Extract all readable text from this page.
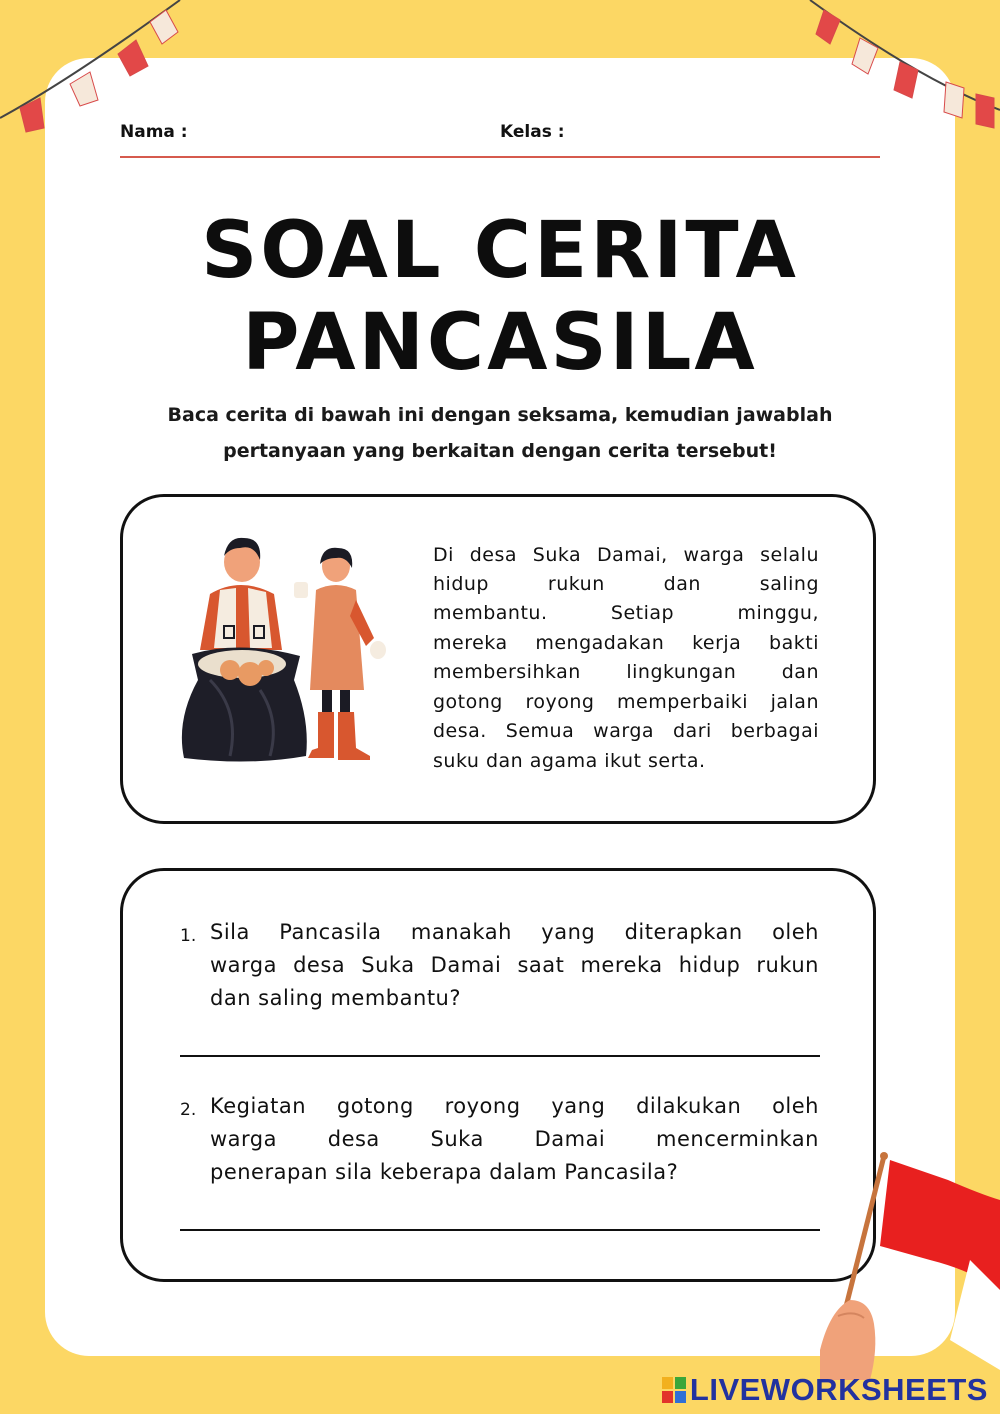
Nama :	Kelas :
SOAL CERITA
PANCASILA
Baca cerita di bawah ini dengan seksama, kemudian jawablah
pertanyaan yang berkaitan dengan cerita tersebut!
Di desa Suka Damai, warga selalu
hidup rukun dan saling
membantu. Setiap minggu,
mereka mengadakan kerja bakti
membersihkan lingkungan dan
gotong royong memperbaiki jalan
desa. Semua warga dari berbagai
suku dan agama ikut serta.
1. Sila Pancasila manakah yang diterapkan oleh
warga desa Suka Damai saat mereka hidup rukun
dan saling membantu?
2. Kegiatan gotong royong yang dilakukan oleh
warga desa Suka Damai mencerminkan
penerapan sila keberapa dalam Pancasila?
LIVEWORKSHEETS
